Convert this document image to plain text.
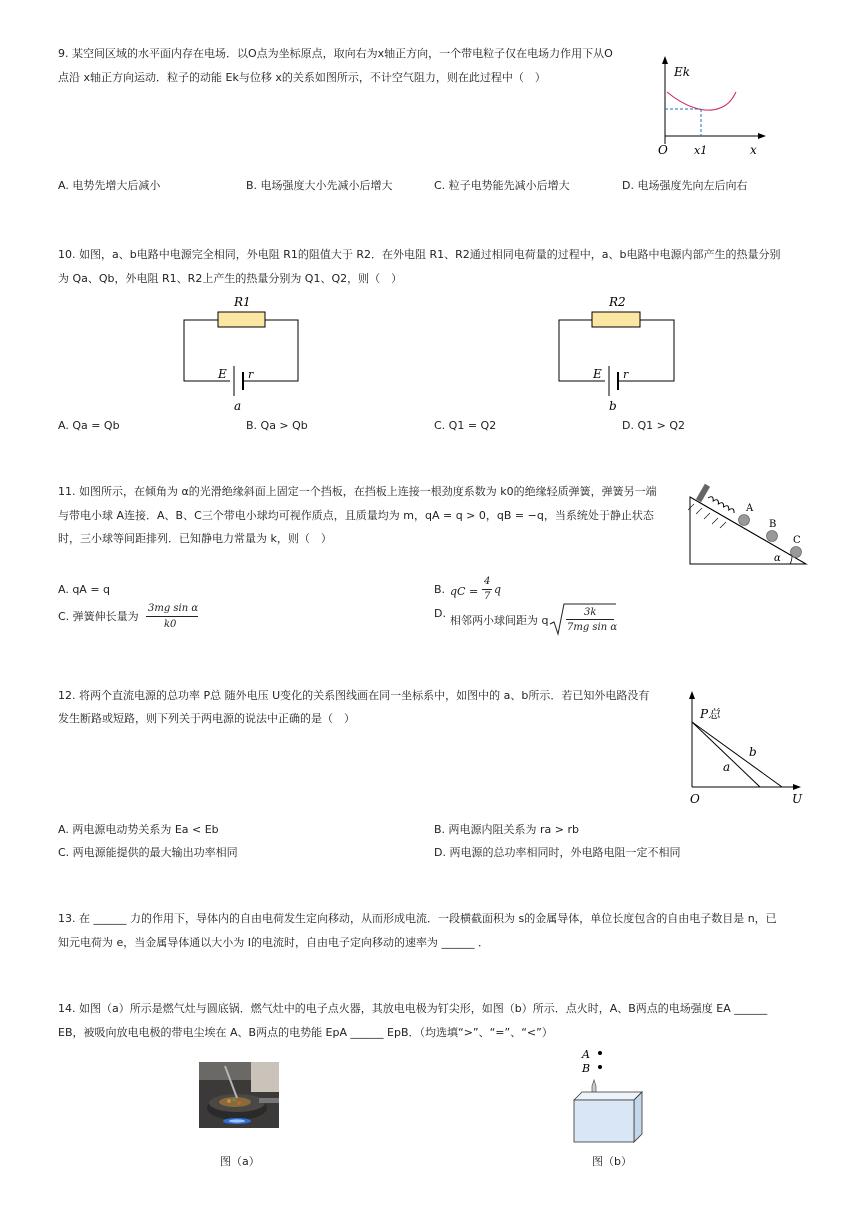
9. 某空间区域的水平面内存在电场．以O点为坐标原点，取向右为x轴正方向，一个带电粒子仅在电场力作用下从O
点沿 x轴正方向运动．粒子的动能 Ek与位移 x的关系如图所示，不计空气阻力，则在此过程中（　）	Ek
O x1	x
A. 电势先增大后减小	B. 电场强度大小先减小后增大	C. 粒子电势能先减小后增大	D. 电场强度先向左后向右
10. 如图，a、b电路中电源完全相同，外电阻 R1的阻值大于 R2．在外电阻 R1、R2通过相同电荷量的过程中，a、b电路中电源内部产生的热量分别
为 Qa、Qb，外电阻 R1、R2上产生的热量分别为 Q1、Q2，则（　）
R1
E r
a
R2
E r
b
A. Qa = Qb	B. Qa > Qb	C. Q1 = Q2	D. Q1 > Q2
11. 如图所示，在倾角为 α的光滑绝缘斜面上固定一个挡板，在挡板上连接一根劲度系数为 k0的绝缘轻质弹簧，弹簧另一端
与带电小球 A连接．A、B、C三个带电小球均可视作质点，且质量均为 m，qA = q > 0，qB = −q，当系统处于静止状态
时，三小球等间距排列．已知静电力常量为 k，则（　）
A
B
C
α
A. qA = q	B. qC =
4
7
q
C. 弹簧伸长量为
3mg sin α
k0
D.
相邻两小球间距为 q
3k
7mg sin α
12. 将两个直流电源的总功率 P总 随外电压 U变化的关系图线画在同一坐标系中，如图中的 a、b所示．若已知外电路没有
发生断路或短路，则下列关于两电源的说法中正确的是（　）	P总
O	U
a
b
A. 两电源电动势关系为 Ea < Eb	B. 两电源内阻关系为 ra > rb
C. 两电源能提供的最大输出功率相同	D. 两电源的总功率相同时，外电路电阻一定不相同
13. 在 ______ 力的作用下，导体内的自由电荷发生定向移动，从而形成电流．一段横截面积为 s的金属导体，单位长度包含的自由电子数目是 n，已
知元电荷为 e，当金属导体通以大小为 I的电流时，自由电子定向移动的速率为 ______ ．
14. 如图（a）所示是燃气灶与圆底锅．燃气灶中的电子点火器，其放电电极为钉尖形，如图（b）所示．点火时，A、B两点的电场强度 EA ______
EB，被吸向放电电极的带电尘埃在 A、B两点的电势能 EpA ______ EpB．（均选填“>”、“=”、“<”）
图（a）
A
B
图（b）
